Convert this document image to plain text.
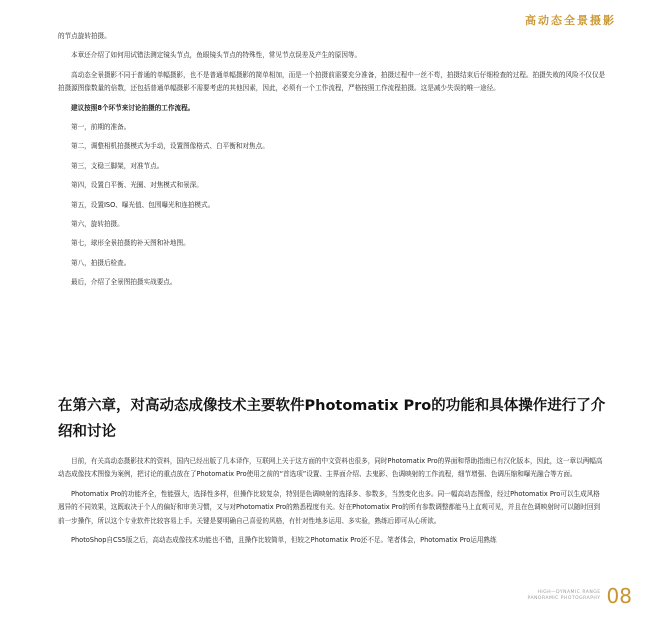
高动态全景摄影

的节点旋转拍摄。

本章还介绍了如何用试错法测定镜头节点，鱼眼镜头节点的特殊性，常见节点误差及产生的原因等。

高动态全景摄影不同于普通的单幅摄影，也不是普通单幅摄影的简单相加，而是一个拍摄前需要充分准备，拍摄过程中一丝不苟，拍摄结束后仔细检查的过程。拍摄失败的风险不仅仅是拍摄源图像数量的倍数，还包括普通单幅摄影不需要考虑的其他因素，因此，必须有一个工作流程，严格按照工作流程拍摄。这是减少失误的唯一途径。

建议按照8个环节来讨论拍摄的工作流程。

第一，前期的准备。

第二，调整相机拍摄模式为手动，设置图像格式、白平衡和对焦点。

第三，支稳三脚架，对准节点。

第四，设置白平衡、光圈、对焦模式和景深。

第五，设置ISO、曝光值、包围曝光和连拍模式。

第六，旋转拍摄。

第七，球形全景拍摄的补天图和补地图。

第八，拍摄后检查。

最后，介绍了全景图拍摄实战要点。

在第六章，对高动态成像技术主要软件Photomatix Pro的功能和具体操作进行了介绍和讨论

目前，有关高动态摄影技术的资料，国内已经出版了几本译作，互联网上关于这方面的中文资料也很多，同时Photomatix Pro的界面和帮助指南已有汉化版本，因此，这一章以两幅高动态成像技术图像为案例，把讨论的重点放在了Photomatix Pro使用之前的“首选项”设置、主界面介绍、去鬼影、色调映射的工作流程，细节增强、色调压缩和曝光融合等方面。

Photomatix Pro的功能齐全，性能强大，选择性多样，但操作比较复杂，特别是色调映射的选择多、参数多，当然变化也多。同一幅高动态图像，经过Photomatix Pro可以生成风格迥异的不同效果，这既取决于个人的偏好和审美习惯，又与对Photomatix Pro的熟悉程度有关。好在Photomatix Pro的所有参数调整都能马上直观可见，并且在色调映射时可以随时回到前一步操作，所以这个专业软件比较容易上手。关键是要明确自己喜爱的风格，有针对性地多运用、多实验，熟练后即可从心所欲。

PhotoShop自CS5版之后，高动态成像技术功能也不错，且操作比较简单，但较之Photomatix Pro还不足。笔者体会，Photomatix Pro运用熟练

HIGH—DYNAMIC RANGE
PANORAMIC PHOTOGRAPHY 08
